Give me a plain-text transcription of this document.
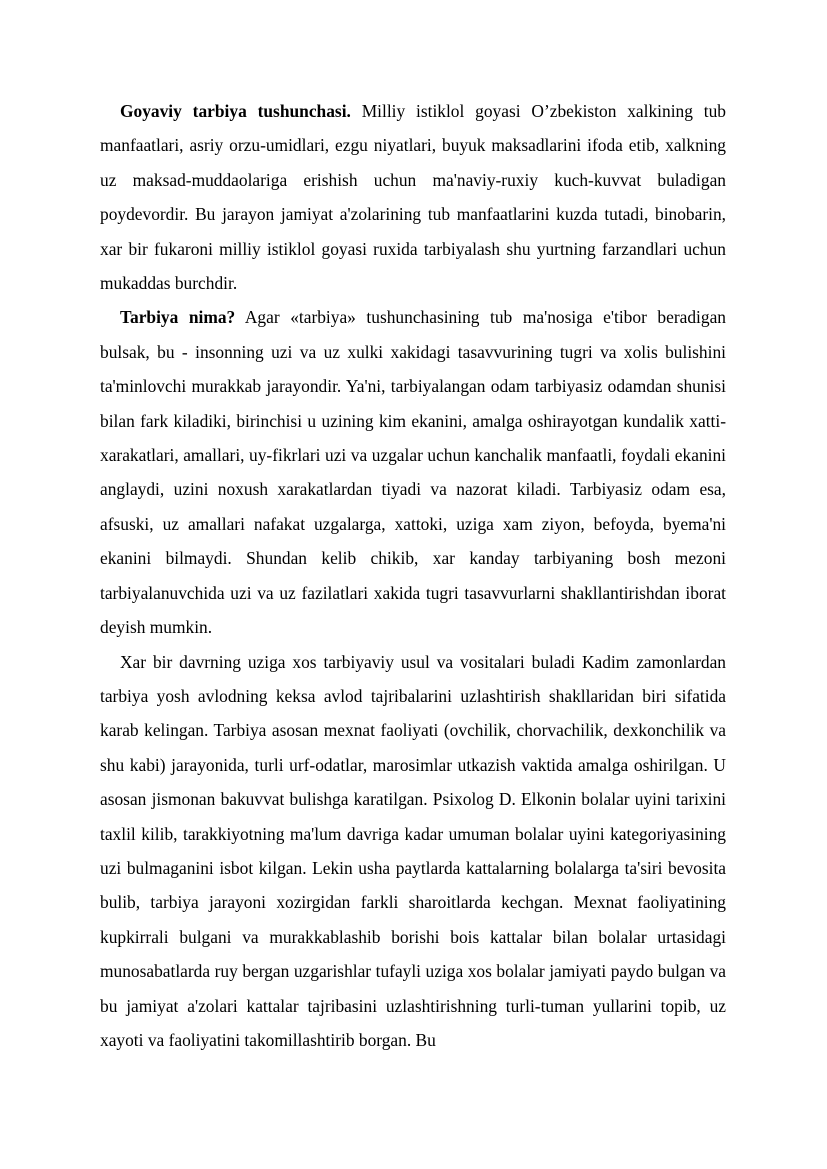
Goyaviy tarbiya tushunchasi. Milliy istiklol goyasi O’zbekiston xalkining tub manfaatlari, asriy orzu-umidlari, ezgu niyatlari, buyuk maksadlarini ifoda etib, xalkning uz maksad-muddaolariga erishish uchun ma'naviy-ruxiy kuch-kuvvat buladigan poydevordir. Bu jarayon jamiyat a'zolarining tub manfaatlarini kuzda tutadi, binobarin, xar bir fukaroni milliy istiklol goyasi ruxida tarbiyalash shu yurtning farzandlari uchun mukaddas burchdir.

Tarbiya nima? Agar «tarbiya» tushunchasining tub ma'nosiga e'tibor beradigan bulsak, bu - insonning uzi va uz xulki xakidagi tasavvurining tugri va xolis bulishini ta'minlovchi murakkab jarayondir. Ya'ni, tarbiyalangan odam tarbiyasiz odamdan shunisi bilan fark kiladiki, birinchisi u uzining kim ekanini, amalga oshirayotgan kundalik xatti-xarakatlari, amallari, uy-fikrlari uzi va uzgalar uchun kanchalik manfaatli, foydali ekanini anglaydi, uzini noxush xarakatlardan tiyadi va nazorat kiladi. Tarbiyasiz odam esa, afsuski, uz amallari nafakat uzgalarga, xattoki, uziga xam ziyon, befoyda, byema'ni ekanini bilmaydi. Shundan kelib chikib, xar kanday tarbiyaning bosh mezoni tarbiyalanuvchida uzi va uz fazilatlari xakida tugri tasavvurlarni shakllantirishdan iborat deyish mumkin.

Xar bir davrning uziga xos tarbiyaviy usul va vositalari buladi Kadim zamonlardan tarbiya yosh avlodning keksa avlod tajribalarini uzlashtirish shakllaridan biri sifatida karab kelingan. Tarbiya asosan mexnat faoliyati (ovchilik, chorvachilik, dexkonchilik va shu kabi) jarayonida, turli urf-odatlar, marosimlar utkazish vaktida amalga oshirilgan. U asosan jismonan bakuvvat bulishga karatilgan. Psixolog D. Elkonin bolalar uyini tarixini taxlil kilib, tarakkiyotning ma'lum davriga kadar umuman bolalar uyini kategoriyasining uzi bulmaganini isbot kilgan. Lekin usha paytlarda kattalarning bolalarga ta'siri bevosita bulib, tarbiya jarayoni xozirgidan farkli sharoitlarda kechgan. Mexnat faoliyatining kupkirrali bulgani va murakkablashib borishi bois kattalar bilan bolalar urtasidagi munosabatlarda ruy bergan uzgarishlar tufayli uziga xos bolalar jamiyati paydo bulgan va bu jamiyat a'zolari kattalar tajribasini uzlashtirishning turli-tuman yullarini topib, uz xayoti va faoliyatini takomillashtirib borgan. Bu
